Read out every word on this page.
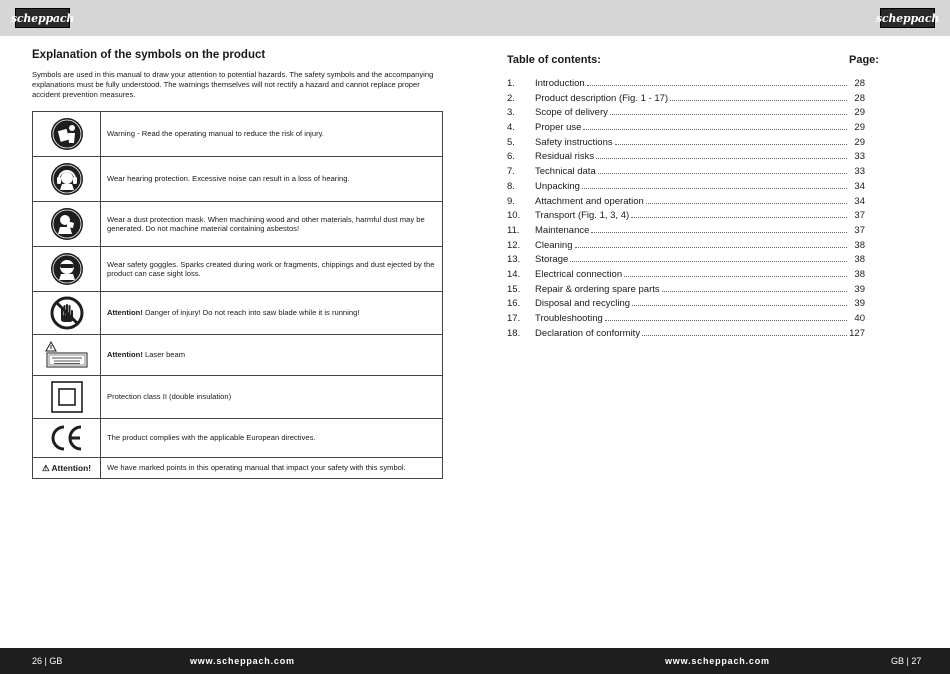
scheppach	scheppach
Explanation of the symbols on the product
Symbols are used in this manual to draw your attention to potential hazards. The safety symbols and the accompanying explanations must be fully understood. The warnings themselves will not rectify a hazard and cannot replace proper accident prevention measures.
	Warning - Read the operating manual to reduce the risk of injury.

	Wear hearing protection. Excessive noise can result in a loss of hearing.

	Wear a dust protection mask. When machining wood and other materials, harmful dust may be generated. Do not machine material containing asbestos!

	Wear safety goggles. Sparks created during work or fragments, chippings and dust ejected by the product can case sight loss.

	Attention! Danger of injury! Do not reach into saw blade while it is running!

	Attention! Laser beam

	Protection class II (double insulation)

	The product complies with the applicable European directives.
⚠ Attention!	We have marked points in this operating manual that impact your safety with this symbol.
Table of contents:	Page:
1.	Introduction	28
2.	Product description (Fig. 1 - 17)	28
3.	Scope of delivery	29
4.	Proper use	29
5.	Safety instructions	29
6.	Residual risks	33
7.	Technical data	33
8.	Unpacking	34
9.	Attachment and operation	34
10.	Transport (Fig. 1, 3, 4)	37
11.	Maintenance	37
12.	Cleaning	38
13.	Storage	38
14.	Electrical connection	38
15.	Repair & ordering spare parts	39
16.	Disposal and recycling	39
17.	Troubleshooting	40
18.	Declaration of conformity	127
26 | GB	www.scheppach.com	www.scheppach.com	GB | 27
